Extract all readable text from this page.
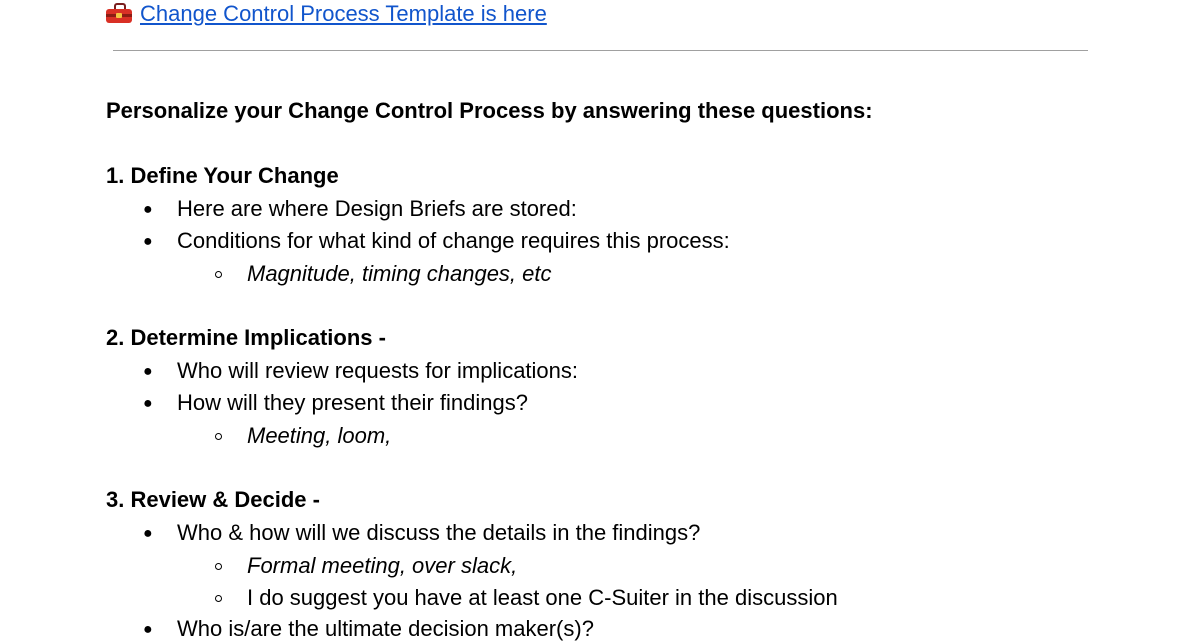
Change Control Process Template is here
Personalize your Change Control Process by answering these questions:
1. Define Your Change
● Here are where Design Briefs are stored:
● Conditions for what kind of change requires this process:
Magnitude, timing changes, etc
2. Determine Implications -
● Who will review requests for implications:
● How will they present their findings?
Meeting, loom,
3. Review & Decide -
● Who & how will we discuss the details in the findings?
Formal meeting, over slack,
I do suggest you have at least one C-Suiter in the discussion
● Who is/are the ultimate decision maker(s)?
